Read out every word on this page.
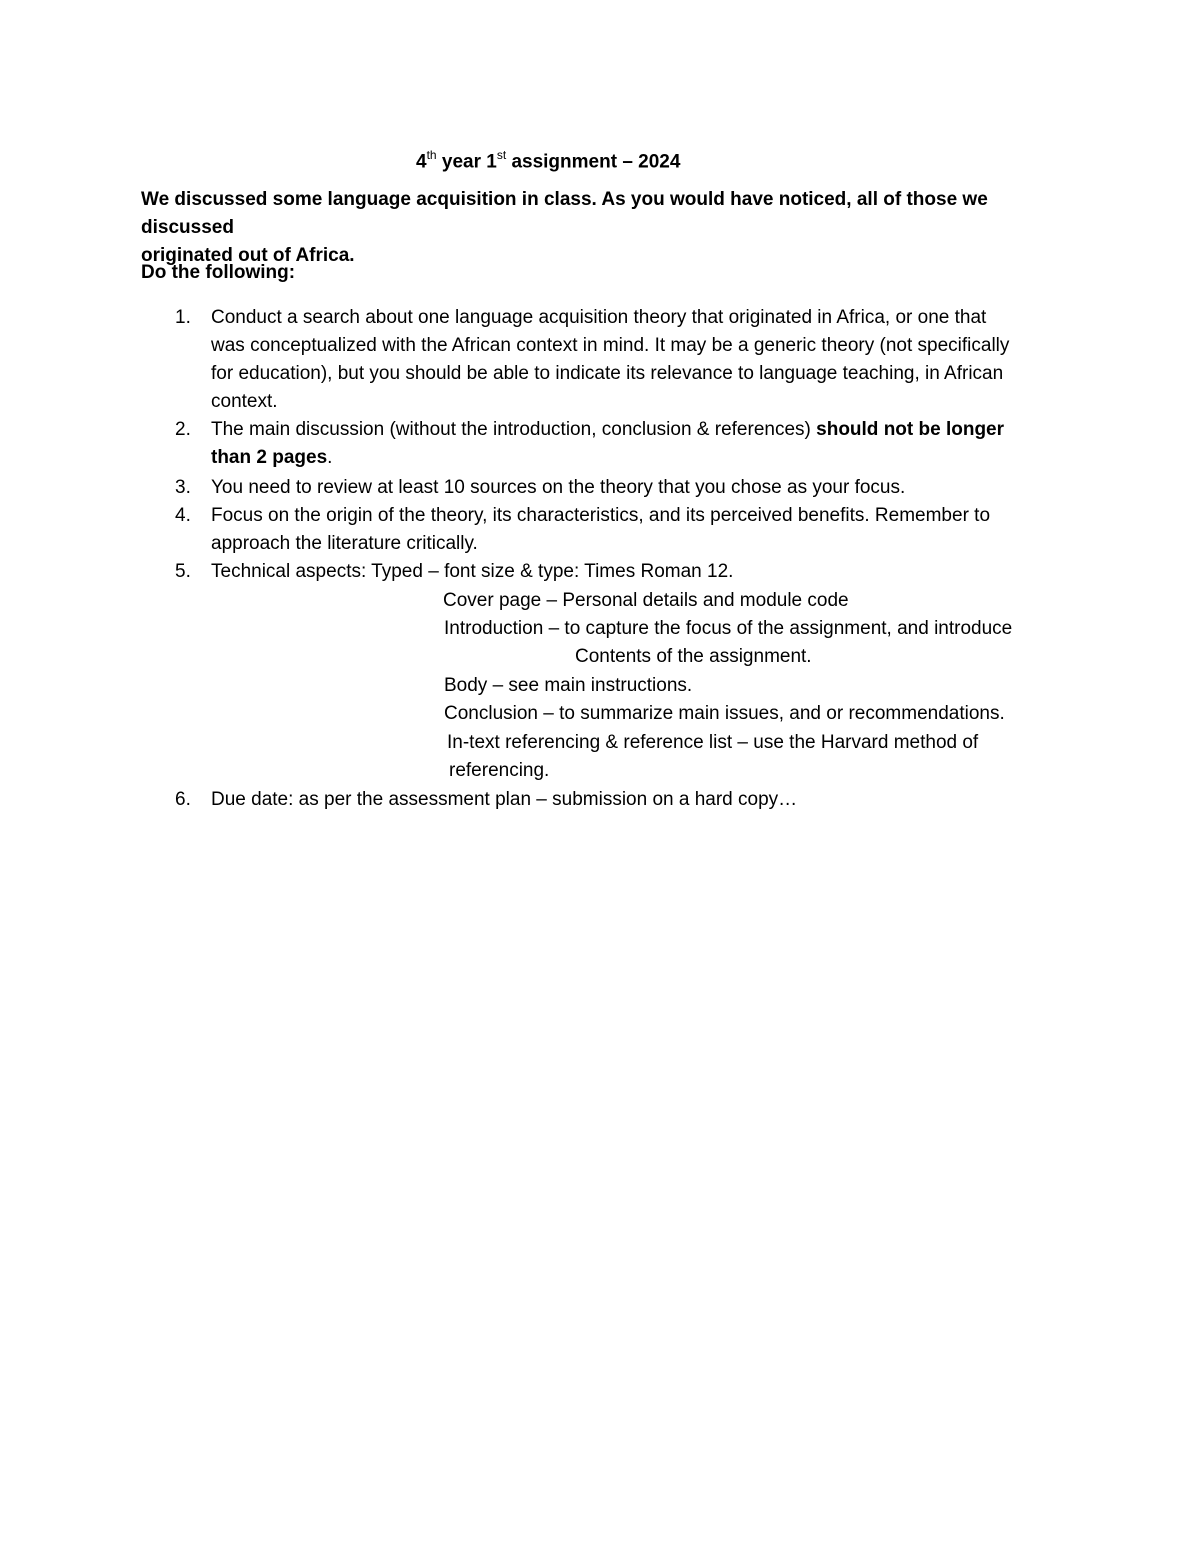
4th year 1st assignment – 2024
We discussed some language acquisition in class. As you would have noticed, all of those we discussed
originated out of Africa.
Do the following:
1.	Conduct a search about one language acquisition theory that originated in Africa, or one that
was conceptualized with the African context in mind. It may be a generic theory (not specifically
for education), but you should be able to indicate its relevance to language teaching, in African
context.
2.	The main discussion (without the introduction, conclusion & references) should not be longer
than 2 pages.
3.	You need to review at least 10 sources on the theory that you chose as your focus.
4.	Focus on the origin of the theory, its characteristics, and its perceived benefits. Remember to
approach the literature critically.
5.	Technical aspects: Typed – font size & type: Times Roman 12.
Cover page – Personal details and module code
Introduction – to capture the focus of the assignment, and introduce
Contents of the assignment.
Body – see main instructions.
Conclusion – to summarize main issues, and or recommendations.
In-text referencing & reference list – use the Harvard method of
referencing.
6.	Due date: as per the assessment plan – submission on a hard copy…
